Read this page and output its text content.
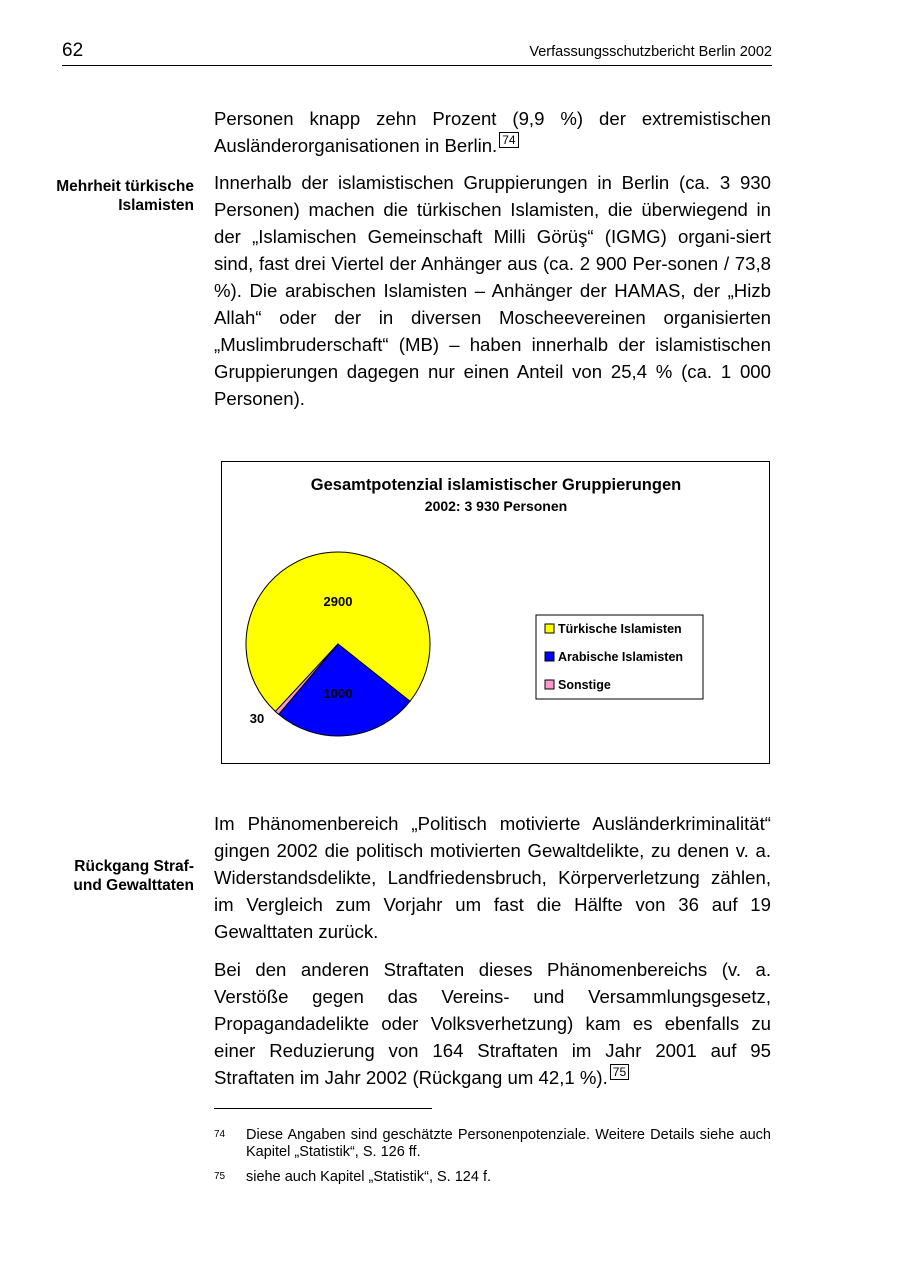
62	Verfassungsschutzbericht Berlin 2002

Personen knapp zehn Prozent (9,9 %) der extremistischen

Ausländerorganisationen in Berlin. 74

Mehrheit türkische
Islamisten

Innerhalb der islamistischen Gruppierungen in Berlin (ca. 3 930 Personen) machen die türkischen Islamisten, die überwiegend in der „Islamischen Gemeinschaft Milli Görüş“ (IGMG) organi-siert sind, fast drei Viertel der Anhänger aus (ca. 2 900 Per-sonen / 73,8 %). Die arabischen Islamisten – Anhänger der HAMAS, der „Hizb Allah“ oder der in diversen Moscheevereinen organisierten „Muslimbruderschaft“ (MB) – haben innerhalb der islamistischen Gruppierungen dagegen nur einen Anteil von 25,4 % (ca. 1 000 Personen).

Gesamtpotenzial islamistischer Gruppierungen
2002: 3 930 Personen
2900
1000
30
Türkische Islamisten
Arabische Islamisten
Sonstige
Rückgang Straf-
und Gewalttaten

Im Phänomenbereich „Politisch motivierte Ausländerkriminalität“ gingen 2002 die politisch motivierten Gewaltdelikte, zu denen v. a. Widerstandsdelikte, Landfriedensbruch, Körperverletzung zählen, im Vergleich zum Vorjahr um fast die Hälfte von 36 auf 19 Gewalttaten zurück.

Bei den anderen Straftaten dieses Phänomenbereichs (v. a. Verstöße gegen das Vereins- und Versammlungsgesetz, Propagandadelikte oder Volksverhetzung) kam es ebenfalls zu einer Reduzierung von 164 Straftaten im Jahr 2001 auf 95 Straftaten im Jahr 2002 (Rückgang um 42,1 %). 75

74	Diese Angaben sind geschätzte Personenpotenziale. Weitere Details siehe auch Kapitel „Statistik“, S. 126 ff.
75	siehe auch Kapitel „Statistik“, S. 124 f.
